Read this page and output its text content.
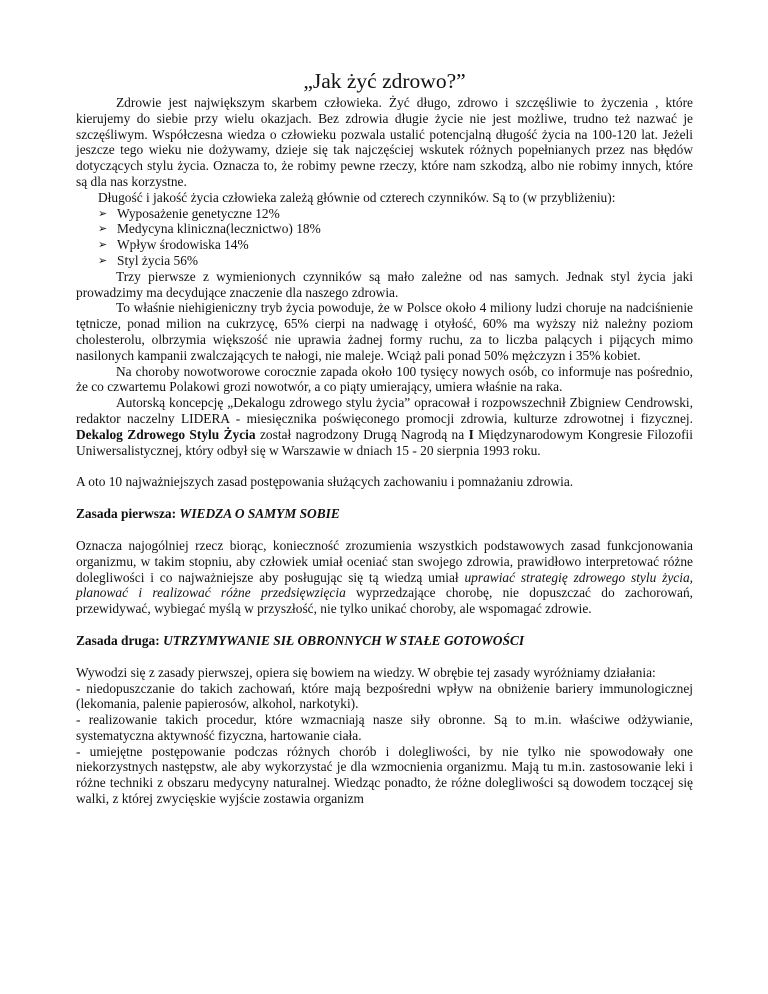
„Jak żyć zdrowo?”

Zdrowie jest największym skarbem człowieka. Żyć długo, zdrowo i szczęśliwie to życzenia , które kierujemy do siebie przy wielu okazjach. Bez zdrowia długie życie nie jest możliwe, trudno też nazwać je szczęśliwym. Współczesna wiedza o człowieku pozwala ustalić potencjalną długość życia na 100-120 lat. Jeżeli jeszcze tego wieku nie dożywamy, dzieje się tak najczęściej wskutek różnych popełnianych przez nas błędów dotyczących stylu życia. Oznacza to, że robimy pewne rzeczy, które nam szkodzą, albo nie robimy innych, które są dla nas korzystne.

Długość i jakość życia człowieka zależą głównie od czterech czynników. Są to (w przybliżeniu):

➢ Wyposażenie genetyczne 12%
➢ Medycyna kliniczna(lecznictwo) 18%
➢ Wpływ środowiska 14%
➢ Styl życia 56%

Trzy pierwsze z wymienionych czynników są mało zależne od nas samych. Jednak styl życia jaki prowadzimy ma decydujące znaczenie dla naszego zdrowia.

To właśnie niehigieniczny tryb życia powoduje, że w Polsce około 4 miliony ludzi choruje na nadciśnienie tętnicze, ponad milion na cukrzycę, 65% cierpi na nadwagę i otyłość, 60% ma wyższy niż należny poziom cholesterolu, olbrzymia większość nie uprawia żadnej formy ruchu, za to liczba palących i pijących mimo nasilonych kampanii zwalczających te nałogi, nie maleje. Wciąż pali ponad 50% mężczyzn i 35% kobiet.

Na choroby nowotworowe corocznie zapada około 100 tysięcy nowych osób, co informuje nas pośrednio, że co czwartemu Polakowi grozi nowotwór, a co piąty umierający, umiera właśnie na raka.

Autorską koncepcję „Dekalogu zdrowego stylu życia” opracował i rozpowszechnił Zbigniew Cendrowski, redaktor naczelny LIDERA - miesięcznika poświęconego promocji zdrowia, kulturze zdrowotnej i fizycznej. Dekalog Zdrowego Stylu Życia został nagrodzony Drugą Nagrodą na I Międzynarodowym Kongresie Filozofii Uniwersalistycznej, który odbył się w Warszawie w dniach 15 - 20 sierpnia 1993 roku.

A oto 10 najważniejszych zasad postępowania służących zachowaniu i pomnażaniu zdrowia.

Zasada pierwsza: WIEDZA O SAMYM SOBIE

Oznacza najogólniej rzecz biorąc, konieczność zrozumienia wszystkich podstawowych zasad funkcjonowania organizmu, w takim stopniu, aby człowiek umiał oceniać stan swojego zdrowia, prawidłowo interpretować różne dolegliwości i co najważniejsze aby posługując się tą wiedzą umiał uprawiać strategię zdrowego stylu życia, planować i realizować różne przedsięwzięcia wyprzedzające chorobę, nie dopuszczać do zachorowań, przewidywać, wybiegać myślą w przyszłość, nie tylko unikać choroby, ale wspomagać zdrowie.

Zasada druga: UTRZYMYWANIE SIŁ OBRONNYCH W STAŁE GOTOWOŚCI

Wywodzi się z zasady pierwszej, opiera się bowiem na wiedzy. W obrębie tej zasady wyróżniamy działania:

- niedopuszczanie do takich zachowań, które mają bezpośredni wpływ na obniżenie bariery immunologicznej (lekomania, palenie papierosów, alkohol, narkotyki).

- realizowanie takich procedur, które wzmacniają nasze siły obronne. Są to m.in. właściwe odżywianie, systematyczna aktywność fizyczna, hartowanie ciała.

- umiejętne postępowanie podczas różnych chorób i dolegliwości, by nie tylko nie spowodowały one niekorzystnych następstw, ale aby wykorzystać je dla wzmocnienia organizmu. Mają tu m.in. zastosowanie leki i różne techniki z obszaru medycyny naturalnej. Wiedząc ponadto, że różne dolegliwości są dowodem toczącej się walki, z której zwycięskie wyjście zostawia organizm
